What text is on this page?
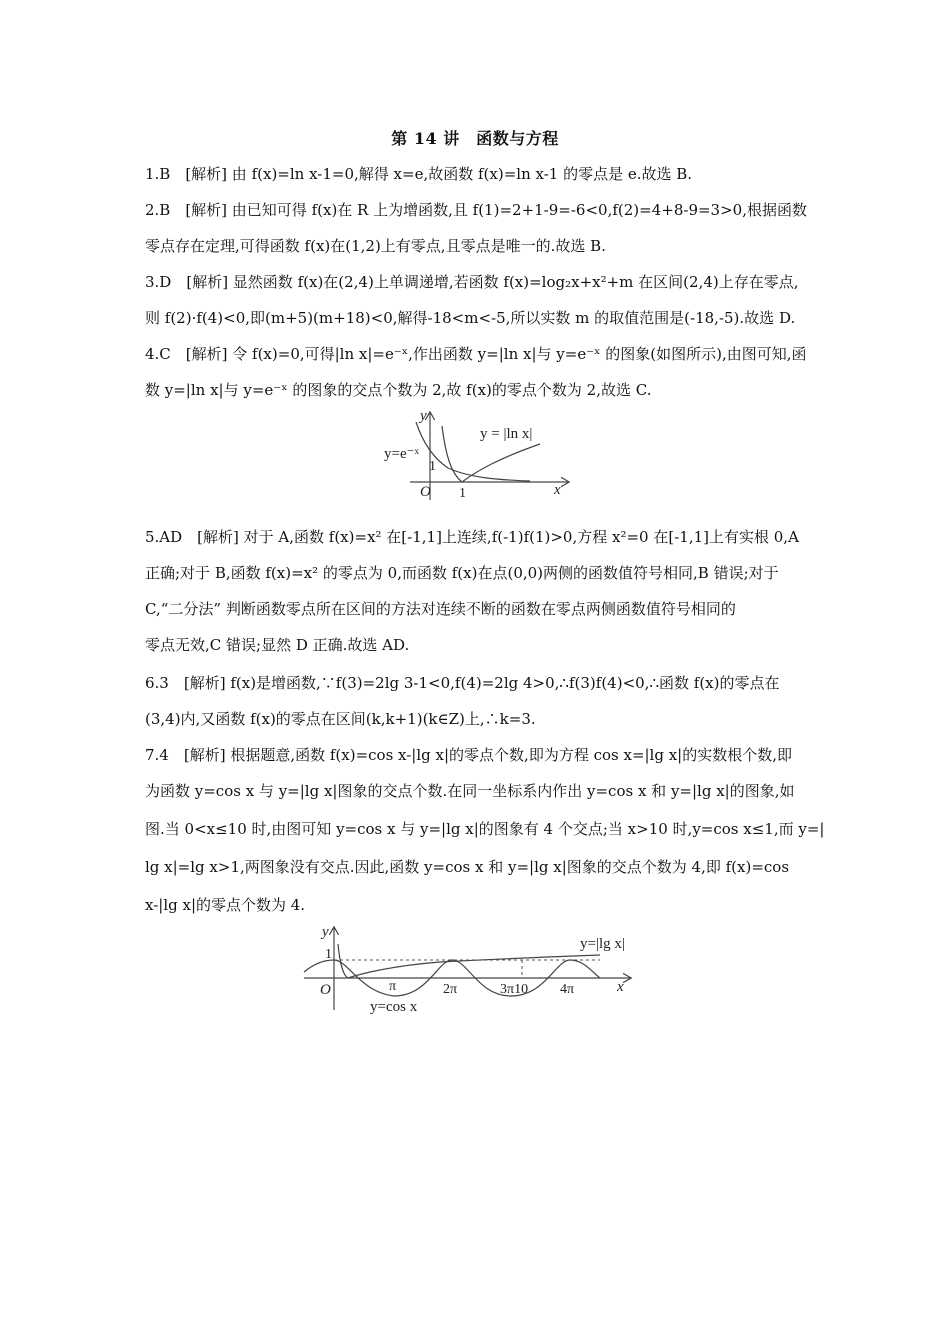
第 14 讲　函数与方程
1.B　[解析] 由 f(x)=ln x-1=0,解得 x=e,故函数 f(x)=ln x-1 的零点是 e.故选 B.
2.B　[解析] 由已知可得 f(x)在 R 上为增函数,且 f(1)=2+1-9=-6<0,f(2)=4+8-9=3>0,根据函数
零点存在定理,可得函数 f(x)在(1,2)上有零点,且零点是唯一的.故选 B.
3.D　[解析] 显然函数 f(x)在(2,4)上单调递增,若函数 f(x)=log₂x+x²+m 在区间(2,4)上存在零点,
则 f(2)·f(4)<0,即(m+5)(m+18)<0,解得-18<m<-5,所以实数 m 的取值范围是(-18,-5).故选 D.
4.C　[解析] 令 f(x)=0,可得|ln x|=e⁻ˣ,作出函数 y=|ln x|与 y=e⁻ˣ 的图象(如图所示),由图可知,函
数 y=|ln x|与 y=e⁻ˣ 的图象的交点个数为 2,故 f(x)的零点个数为 2,故选 C.
y
x
O
1
1
y=e⁻ˣ
y = |ln x|
5.AD　[解析] 对于 A,函数 f(x)=x² 在[-1,1]上连续,f(-1)f(1)>0,方程 x²=0 在[-1,1]上有实根 0,A
正确;对于 B,函数 f(x)=x² 的零点为 0,而函数 f(x)在点(0,0)两侧的函数值符号相同,B 错误;对于
C,“二分法” 判断函数零点所在区间的方法对连续不断的函数在零点两侧函数值符号相同的
零点无效,C 错误;显然 D 正确.故选 AD.
6.3　[解析] f(x)是增函数,∵f(3)=2lg 3-1<0,f(4)=2lg 4>0,∴f(3)f(4)<0,∴函数 f(x)的零点在
(3,4)内,又函数 f(x)的零点在区间(k,k+1)(k∈Z)上,∴k=3.
7.4　[解析] 根据题意,函数 f(x)=cos x-|lg x|的零点个数,即为方程 cos x=|lg x|的实数根个数,即
为函数 y=cos x 与 y=|lg x|图象的交点个数.在同一坐标系内作出 y=cos x 和 y=|lg x|的图象,如
图.当 0<x≤10 时,由图可知 y=cos x 与 y=|lg x|的图象有 4 个交点;当 x>10 时,y=cos x≤1,而 y=|
lg x|=lg x>1,两图象没有交点.因此,函数 y=cos x 和 y=|lg x|图象的交点个数为 4,即 f(x)=cos
x-|lg x|的零点个数为 4.
y
x
O
1
π	2π	3π10 4π
y=cos x
y=|lg x|
